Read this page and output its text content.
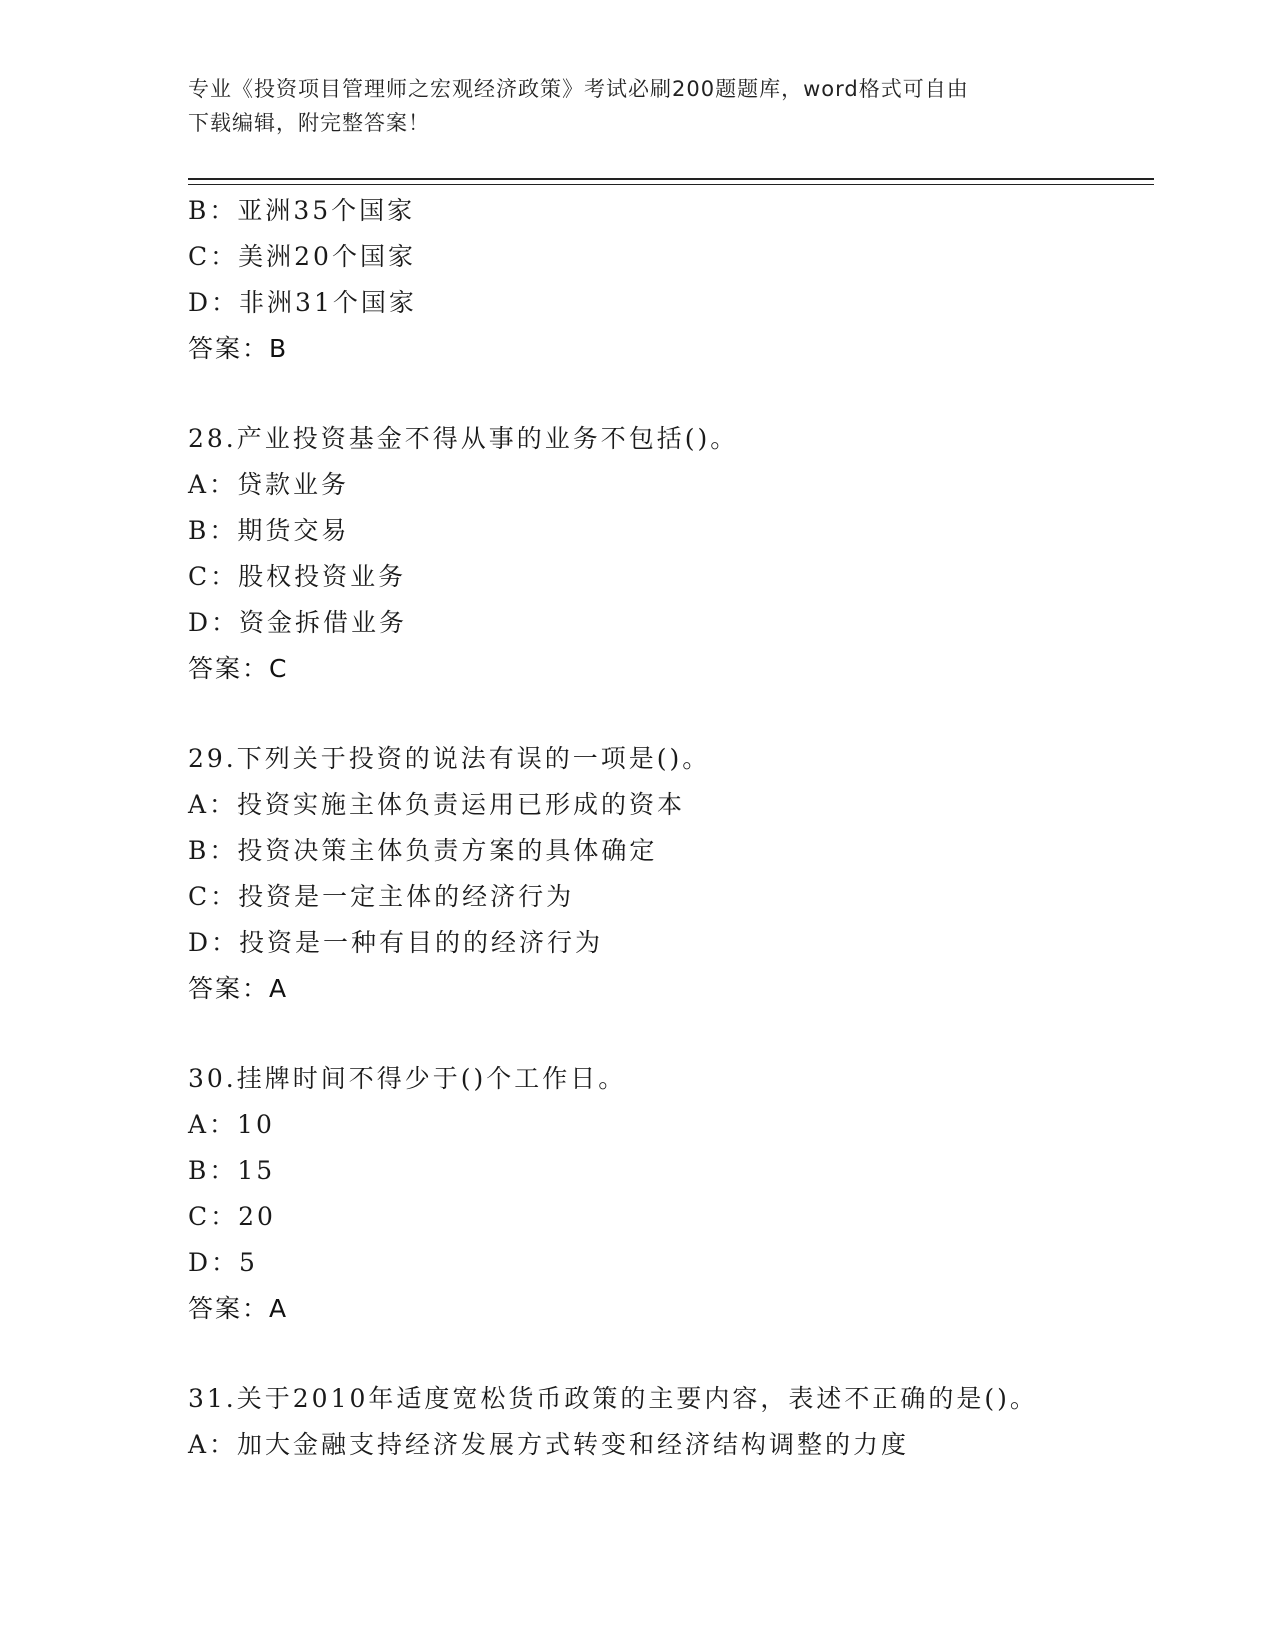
专业《投资项目管理师之宏观经济政策》考试必刷200题题库，word格式可自由
下载编辑，附完整答案！
B：亚洲35个国家
C：美洲20个国家
D：非洲31个国家
答案：B
28.产业投资基金不得从事的业务不包括()。
A：贷款业务
B：期货交易
C：股权投资业务
D：资金拆借业务
答案：C
29.下列关于投资的说法有误的一项是()。
A：投资实施主体负责运用已形成的资本
B：投资决策主体负责方案的具体确定
C：投资是一定主体的经济行为
D：投资是一种有目的的经济行为
答案：A
30.挂牌时间不得少于()个工作日。
A：10
B：15
C：20
D：5
答案：A
31.关于2010年适度宽松货币政策的主要内容，表述不正确的是()。
A：加大金融支持经济发展方式转变和经济结构调整的力度
